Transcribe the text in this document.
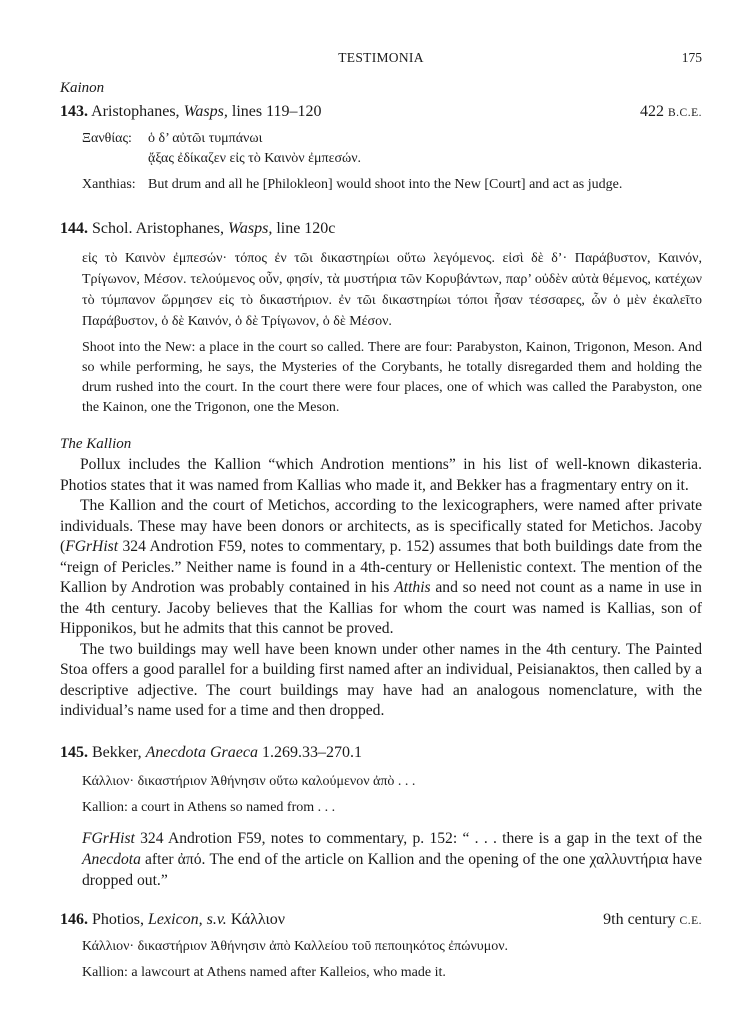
TESTIMONIA	175
Kainon
143. Aristophanes, Wasps, lines 119–120	422 B.C.E.
Ξανθίας:	ὁ δ’ αὐτῶι τυμπάνωι
ᾄξας ἐδίκαζεν εἰς τὸ Καινὸν ἐμπεσών.
Xanthias: But drum and all he [Philokleon] would shoot into the New [Court] and act as judge.
144. Schol. Aristophanes, Wasps, line 120c

εἰς τὸ Καινὸν ἐμπεσών· τόπος ἐν τῶι δικαστηρίωι οὕτω λεγόμενος. εἰσὶ δὲ δ’· Παράβυστον, Καινόν, Τρίγωνον, Μέσον. τελούμενος οὖν, φησίν, τὰ μυστήρια τῶν Κορυβάντων, παρ’ οὐδὲν αὐτὰ θέμενος, κατέχων τὸ τύμπανον ὥρμησεν εἰς τὸ δικαστήριον. ἐν τῶι δικαστηρίωι τόποι ἦσαν τέσσαρες, ὧν ὁ μὲν ἐκαλεῖτο Παράβυστον, ὁ δὲ Καινόν, ὁ δὲ Τρίγωνον, ὁ δὲ Μέσον.

Shoot into the New: a place in the court so called. There are four: Parabyston, Kainon, Trigonon, Meson. And so while performing, he says, the Mysteries of the Corybants, he totally disregarded them and holding the drum rushed into the court. In the court there were four places, one of which was called the Parabyston, one the Kainon, one the Trigonon, one the Meson.

The Kallion

Pollux includes the Kallion “which Androtion mentions” in his list of well-known dikasteria. Photios states that it was named from Kallias who made it, and Bekker has a fragmentary entry on it.

The Kallion and the court of Metichos, according to the lexicographers, were named after private individuals. These may have been donors or architects, as is specifically stated for Metichos. Jacoby (FGrHist 324 Androtion F59, notes to commentary, p. 152) assumes that both buildings date from the “reign of Pericles.” Neither name is found in a 4th-century or Hellenistic context. The mention of the Kallion by Androtion was probably contained in his Atthis and so need not count as a name in use in the 4th century. Jacoby believes that the Kallias for whom the court was named is Kallias, son of Hipponikos, but he admits that this cannot be proved.

The two buildings may well have been known under other names in the 4th century. The Painted Stoa offers a good parallel for a building first named after an individual, Peisianaktos, then called by a descriptive adjective. The court buildings may have had an analogous nomenclature, with the individual’s name used for a time and then dropped.

145. Bekker, Anecdota Graeca 1.269.33–270.1

Κάλλιον· δικαστήριον Ἀθήνησιν οὕτω καλούμενον ἀπὸ . . .

Kallion: a court in Athens so named from . . .

FGrHist 324 Androtion F59, notes to commentary, p. 152: “ . . . there is a gap in the text of the Anecdota after ἀπό. The end of the article on Kallion and the opening of the one χαλλυντήρια have dropped out.”

146. Photios, Lexicon, s.v. Κάλλιον	9th century C.E.

Κάλλιον· δικαστήριον Ἀθήνησιν ἀπὸ Καλλείου τοῦ πεποιηκότος ἐπώνυμον.

Kallion: a lawcourt at Athens named after Kalleios, who made it.
